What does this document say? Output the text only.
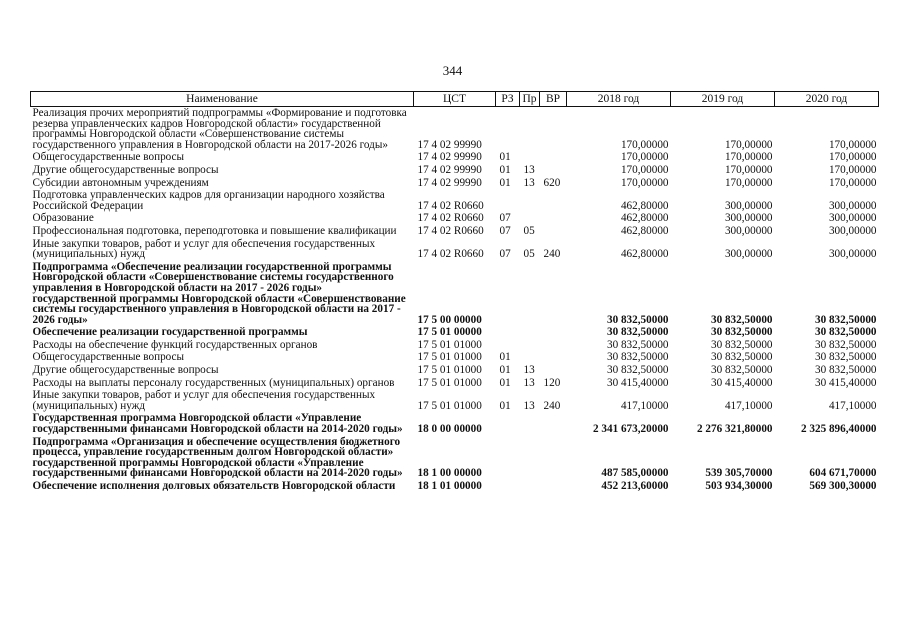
344
Наименование	ЦСТ	РЗ	Пр	ВР	2018 год	2019 год	2020 год
Реализация прочих мероприятий подпрограммы «Формирование и подготовка резерва управленческих кадров Новгородской области» государственной программы Новгородской области «Совершенствование системы государственного управления в Новгородской области на 2017-2026 годы»	17 4 02 99990				170,00000	170,00000	170,00000
Общегосударственные вопросы	17 4 02 99990	01			170,00000	170,00000	170,00000
Другие общегосударственные вопросы	17 4 02 99990	01	13		170,00000	170,00000	170,00000
Субсидии автономным учреждениям	17 4 02 99990	01	13	620	170,00000	170,00000	170,00000
Подготовка управленческих кадров для организации народного хозяйства Российской Федерации	17 4 02 R0660				462,80000	300,00000	300,00000
Образование	17 4 02 R0660	07			462,80000	300,00000	300,00000
Профессиональная подготовка, переподготовка и повышение квалификации	17 4 02 R0660	07	05		462,80000	300,00000	300,00000
Иные закупки товаров, работ и услуг для обеспечения государственных (муниципальных) нужд	17 4 02 R0660	07	05	240	462,80000	300,00000	300,00000
Подпрограмма «Обеспечение реализации государственной программы Новгородской области «Совершенствование системы государственного управления в Новгородской области на 2017 - 2026 годы» государственной программы Новгородской области «Совершенствование системы государственного управления в Новгородской области на 2017 - 2026 годы»	17 5 00 00000				30 832,50000	30 832,50000	30 832,50000
Обеспечение реализации государственной программы	17 5 01 00000				30 832,50000	30 832,50000	30 832,50000
Расходы на обеспечение функций государственных органов	17 5 01 01000				30 832,50000	30 832,50000	30 832,50000
Общегосударственные вопросы	17 5 01 01000	01			30 832,50000	30 832,50000	30 832,50000
Другие общегосударственные вопросы	17 5 01 01000	01	13		30 832,50000	30 832,50000	30 832,50000
Расходы на выплаты персоналу государственных (муниципальных) органов	17 5 01 01000	01	13	120	30 415,40000	30 415,40000	30 415,40000
Иные закупки товаров, работ и услуг для обеспечения государственных (муниципальных) нужд	17 5 01 01000	01	13	240	417,10000	417,10000	417,10000
Государственная программа Новгородской области «Управление государственными финансами Новгородской области на 2014-2020 годы»	18 0 00 00000				2 341 673,20000	2 276 321,80000	2 325 896,40000
Подпрограмма «Организация и обеспечение осуществления бюджетного процесса, управление государственным долгом Новгородской области» государственной программы Новгородской области «Управление государственными финансами Новгородской области на 2014-2020 годы»	18 1 00 00000				487 585,00000	539 305,70000	604 671,70000
Обеспечение исполнения долговых обязательств Новгородской области	18 1 01 00000				452 213,60000	503 934,30000	569 300,30000
